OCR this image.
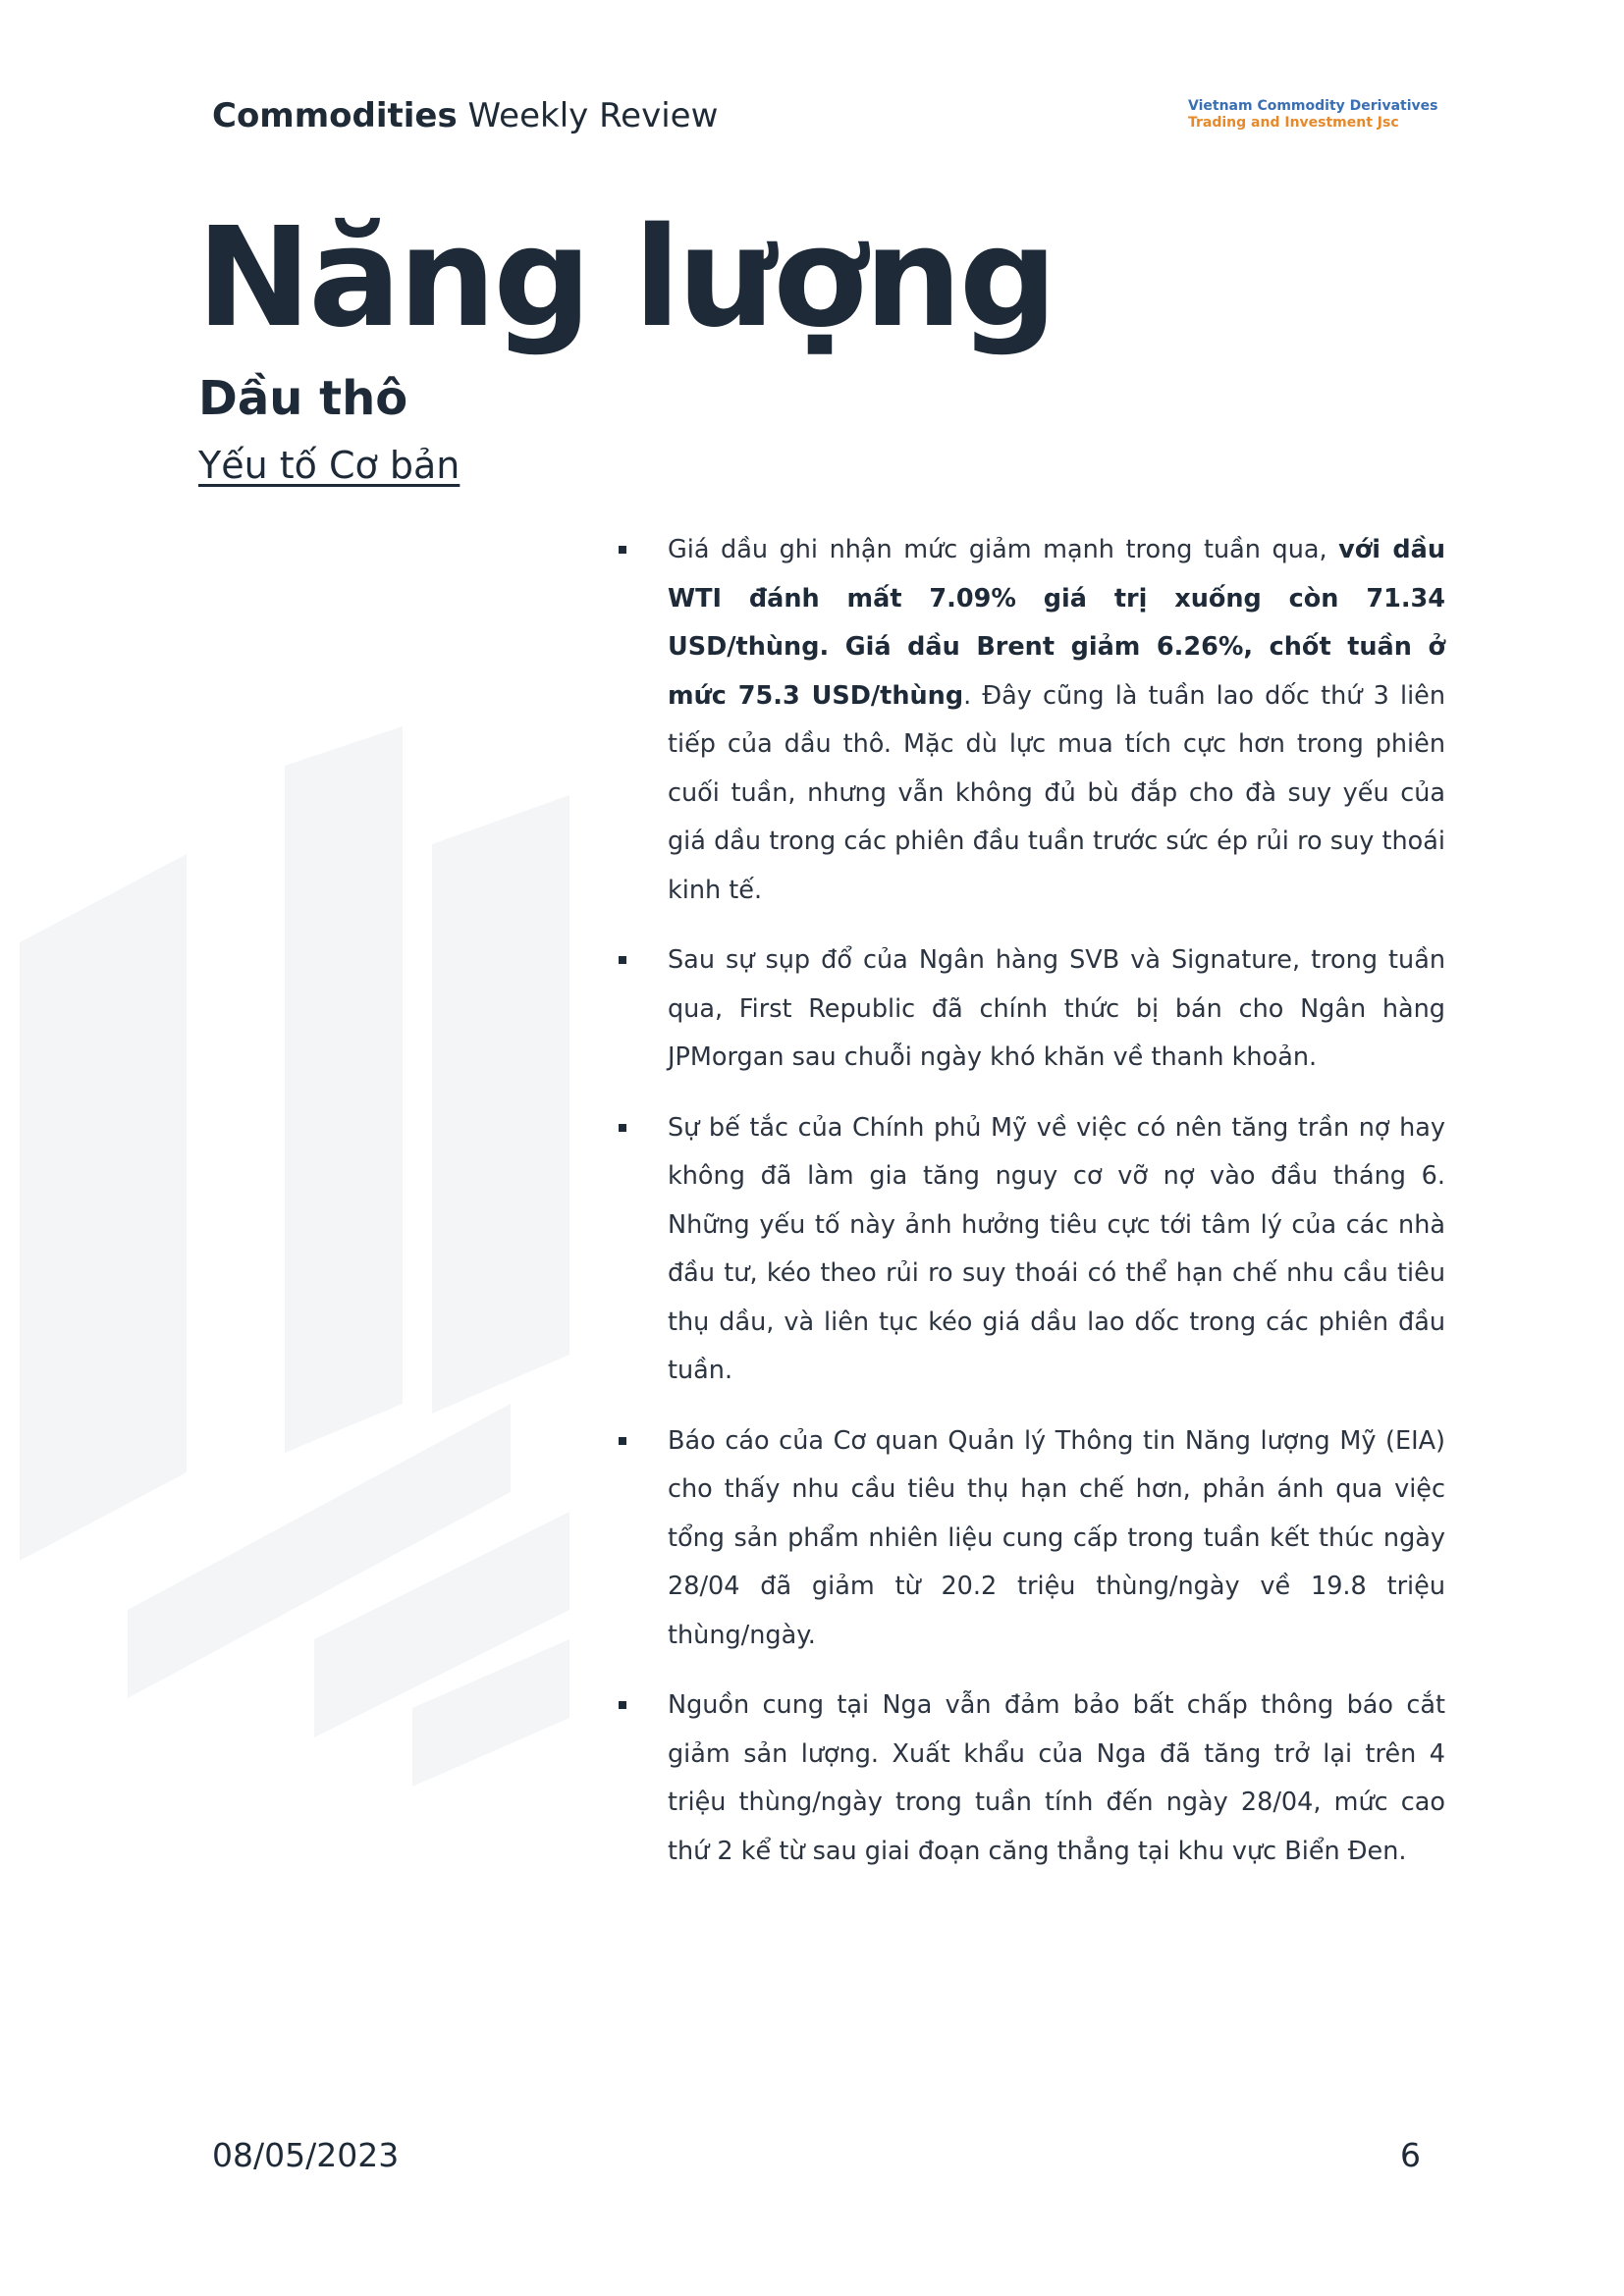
Commodities Weekly Review	Vietnam Commodity Derivatives
Trading and Investment Jsc
Năng lượng
Dầu thô
Yếu tố Cơ bản
Giá dầu ghi nhận mức giảm mạnh trong tuần qua, với dầu WTI đánh mất 7.09% giá trị xuống còn 71.34 USD/thùng. Giá dầu Brent giảm 6.26%, chốt tuần ở mức 75.3 USD/thùng. Đây cũng là tuần lao dốc thứ 3 liên tiếp của dầu thô. Mặc dù lực mua tích cực hơn trong phiên cuối tuần, nhưng vẫn không đủ bù đắp cho đà suy yếu của giá dầu trong các phiên đầu tuần trước sức ép rủi ro suy thoái kinh tế.
Sau sự sụp đổ của Ngân hàng SVB và Signature, trong tuần qua, First Republic đã chính thức bị bán cho Ngân hàng JPMorgan sau chuỗi ngày khó khăn về thanh khoản.
Sự bế tắc của Chính phủ Mỹ về việc có nên tăng trần nợ hay không đã làm gia tăng nguy cơ vỡ nợ vào đầu tháng 6. Những yếu tố này ảnh hưởng tiêu cực tới tâm lý của các nhà đầu tư, kéo theo rủi ro suy thoái có thể hạn chế nhu cầu tiêu thụ dầu, và liên tục kéo giá dầu lao dốc trong các phiên đầu tuần.
Báo cáo của Cơ quan Quản lý Thông tin Năng lượng Mỹ (EIA) cho thấy nhu cầu tiêu thụ hạn chế hơn, phản ánh qua việc tổng sản phẩm nhiên liệu cung cấp trong tuần kết thúc ngày 28/04 đã giảm từ 20.2 triệu thùng/ngày về 19.8 triệu thùng/ngày.
Nguồn cung tại Nga vẫn đảm bảo bất chấp thông báo cắt giảm sản lượng. Xuất khẩu của Nga đã tăng trở lại trên 4 triệu thùng/ngày trong tuần tính đến ngày 28/04, mức cao thứ 2 kể từ sau giai đoạn căng thẳng tại khu vực Biển Đen.
08/05/2023	6
